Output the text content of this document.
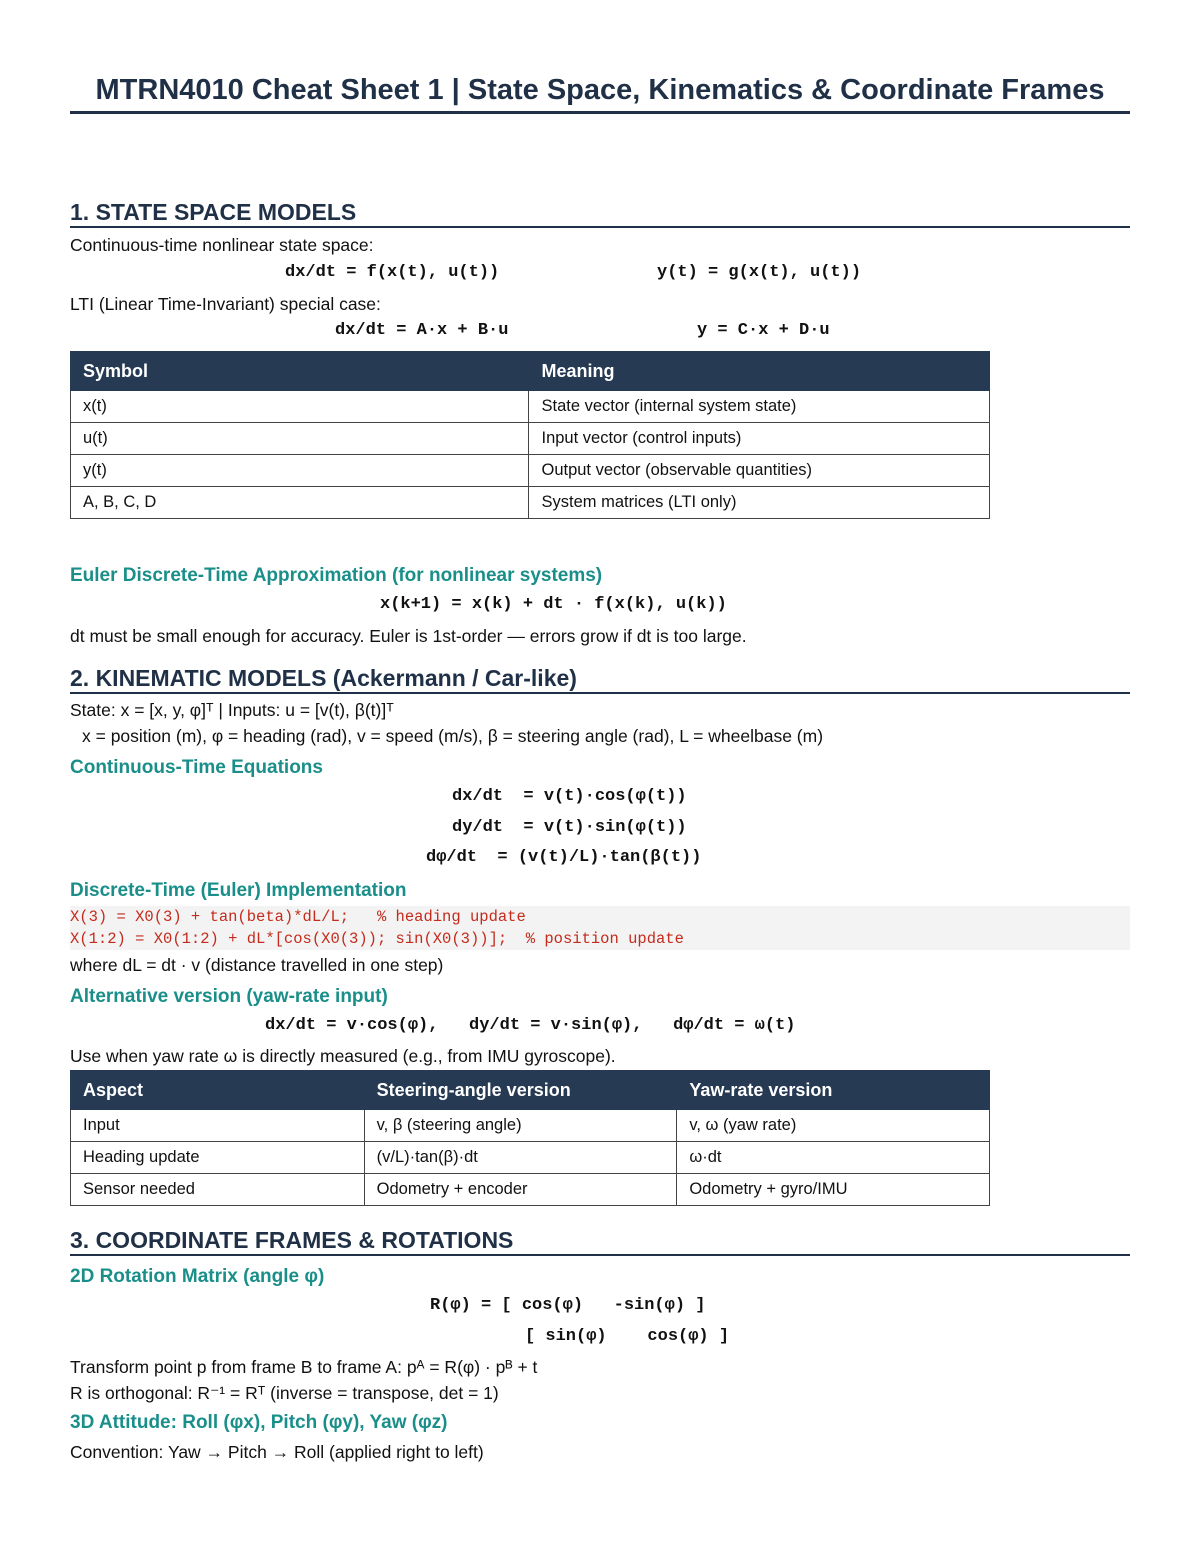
MTRN4010 Cheat Sheet 1 | State Space, Kinematics & Coordinate Frames
1. STATE SPACE MODELS
Continuous-time nonlinear state space:
dx/dt = f(x(t), u(t))	y(t) = g(x(t), u(t))
LTI (Linear Time-Invariant) special case:
dx/dt = A·x + B·u	y = C·x + D·u
Symbol	Meaning
x(t)	State vector (internal system state)
u(t)	Input vector (control inputs)
y(t)	Output vector (observable quantities)
A, B, C, D	System matrices (LTI only)
Euler Discrete-Time Approximation (for nonlinear systems)
x(k+1) = x(k) + dt · f(x(k), u(k))
dt must be small enough for accuracy. Euler is 1st-order — errors grow if dt is too large.
2. KINEMATIC MODELS (Ackermann / Car-like)
State: x = [x, y, φ]ᵀ | Inputs: u = [v(t), β(t)]ᵀ
x = position (m), φ = heading (rad), v = speed (m/s), β = steering angle (rad), L = wheelbase (m)
Continuous-Time Equations
dx/dt  = v(t)·cos(φ(t))
dy/dt  = v(t)·sin(φ(t))
dφ/dt  = (v(t)/L)·tan(β(t))
Discrete-Time (Euler) Implementation
X(3) = X0(3) + tan(beta)*dL/L;   % heading update
X(1:2) = X0(1:2) + dL*[cos(X0(3)); sin(X0(3))];  % position update
where dL = dt · v (distance travelled in one step)
Alternative version (yaw-rate input)
dx/dt = v·cos(φ),   dy/dt = v·sin(φ),   dφ/dt = ω(t)
Use when yaw rate ω is directly measured (e.g., from IMU gyroscope).
Aspect	Steering-angle version	Yaw-rate version
Input	v, β (steering angle)	v, ω (yaw rate)
Heading update	(v/L)·tan(β)·dt	ω·dt
Sensor needed	Odometry + encoder	Odometry + gyro/IMU
3. COORDINATE FRAMES & ROTATIONS
2D Rotation Matrix (angle φ)
R(φ) = [ cos(φ)   -sin(φ) ]
[ sin(φ)    cos(φ) ]
Transform point p from frame B to frame A: pᴬ = R(φ) · pᴮ + t
R is orthogonal: R⁻¹ = Rᵀ (inverse = transpose, det = 1)
3D Attitude: Roll (φx), Pitch (φy), Yaw (φz)
Convention: Yaw → Pitch → Roll (applied right to left)
